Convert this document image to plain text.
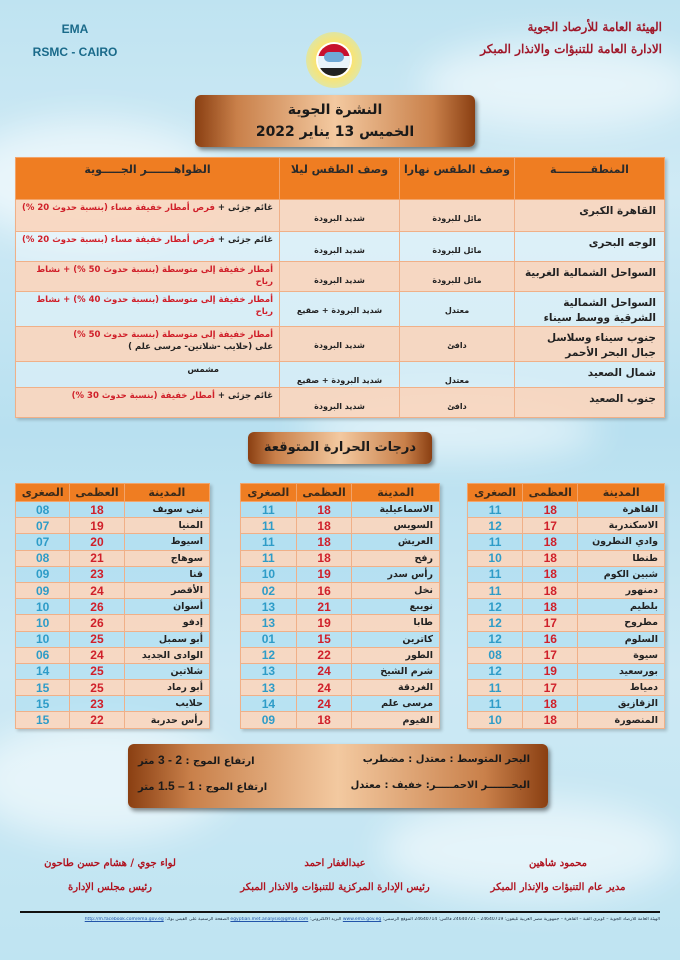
EMA
RSMC - CAIRO
الهيئة العامة للأرصاد الجوية
الادارة العامة للتنبؤات والانذار المبكر
النشرة الجوية
الخميس 13 يناير 2022
المنطقـــــــــة	وصف الطقس نهارا	وصف الطقس ليلا	الظواهـــــــر الجـــــوية
القاهرة الكبرى	مائل للبرودة	شديد البرودة	غائم جزئى + فرص أمطار خفيفة مساء (بنسبة حدوث 20 %)
الوجه البحرى	مائل للبرودة	شديد البرودة	غائم جزئى + فرص أمطار خفيفة مساء (بنسبة حدوث 20 %)
السواحل الشمالية الغربية	مائل للبرودة	شديد البرودة	أمطار خفيفة إلى متوسطة (بنسبة حدوث 50 %) + نشاط رياح
السواحل الشمالية الشرقية ووسط سيناء	معتدل	شديد البرودة + صقيع	أمطار خفيفة إلى متوسطة (بنسبة حدوث 40 %) + نشاط رياح
جنوب سيناء وسلاسل جبال البحر الأحمر	دافئ	شديد البرودة	أمطار خفيفة إلى متوسطة (بنسبة حدوث 50 %)
على (حلايب -شلاتين- مرسى علم )

شمال الصعيد	معتدل	شديد البرودة + صقيع	مشمس
جنوب الصعيد	دافئ	شديد البرودة	غائم جزئى + أمطار خفيفة (بنسبة حدوث 30 %)
درجات الحرارة المتوقعة
المدينة	العظمى	الصغرى
القاهرة	18	11
الاسكندرية	17	12
وادي النطرون	18	11
طنطا	18	10
شبين الكوم	18	11
دمنهور	18	11
بلطيم	18	12
مطروح	17	12
السلوم	16	12
سيوة	17	08
بورسعيد	19	12
دمياط	17	11
الزقازيق	18	11
المنصورة	18	10
المدينة	العظمى	الصغرى
الاسماعيلية	18	11
السويس	18	11
العريش	18	11
رفح	18	11
رأس سدر	19	10
نخل	16	02
نويبع	21	13
طابا	19	13
كاترين	15	01
الطور	22	12
شرم الشيخ	24	13
الغردقة	24	13
مرسى علم	24	14
الفيوم	18	09
المدينة	العظمى	الصغرى
بنى سويف	18	08
المنيا	19	07
اسيوط	20	07
سوهاج	21	08
قنا	23	09
الأقصر	24	09
أسوان	26	10
إدفو	26	10
أبو سمبل	25	10
الوادى الجديد	24	06
شلاتين	25	14
أبو رماد	25	15
حلايب	23	15
رأس حدربة	22	15
البحر المتوسط : معتدل : مضطرب
ارتفاع الموج : 2 - 3 متر
البحـــــــر الاحمـــــر: خفيف : معتدل
ارتفاع الموج : 1 – 1.5 متر
محمود شاهين
مدير عام التنبؤات والإنذار المبكر
عبدالغفار احمد
رئيس الإدارة المركزية للتنبؤات والانذار المبكر
لواء جوي / هشام حسن طاحون
رئيس مجلس الإدارة
الهيئة العامة للأرصاد الجوية – كوبري القبة – القاهرة – جمهورية مصر العربية تليفون: 24640719 - 24640721 فاكس: 24640714 الموقع الرسمي: www.ema.gov.eg البريد الالكتروني: egyptian.met.analysis@gmail.com الصفحة الرسمية على الفيس بوك: http://m.facebook.com/ema.gov.eg
